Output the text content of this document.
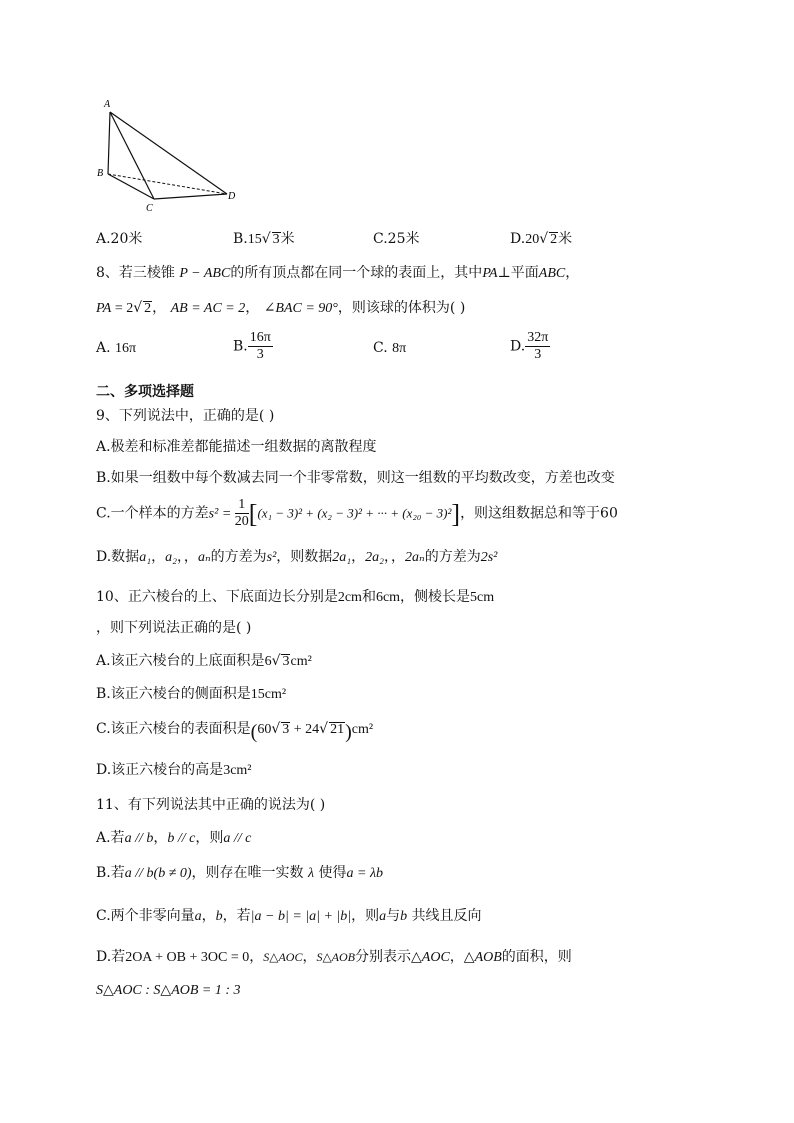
A
B
C
D
A.20米	B.15√ 3米	C.25米	D.20√ 2米
8、若三棱锥 P − ABC的所有顶点都在同一个球的表面上，其中PA⊥平面ABC，
PA = 2√ 2， AB = AC = 2， ∠BAC = 90°，则该球的体积为( )
A. 16π	B. $\frac{16\pi}{3}$	C. 8π	D. $\frac{32\pi}{3}$
二、多项选择题
9、下列说法中，正确的是( )
A.极差和标准差都能描述一组数据的离散程度
B.如果一组数中每个数减去同一个非零常数，则这一组数的平均数改变，方差也改变
C.一个样本的方差$s^2 = \frac{1}{20} [(x_1 - 3)^2 + (x_2 - 3)^2$ + ··· + (x₂₀ − 3)²]，则这组数据总和等于60
D.数据a₁，a₂，，aₙ的方差为s²，则数据2a₁，2a₂，，2aₙ的方差为2s²
10、正六棱台的上、下底面边长分别是2cm和6cm，侧棱长是5cm
，则下列说法正确的是( )
A.该正六棱台的上底面积是6√ 3cm²
B.该正六棱台的侧面积是15cm²
C.该正六棱台的表面积是(60√ 3 + 24√ 21)cm²
D.该正六棱台的高是3cm²
11、有下列说法其中正确的说法为( )
A.若a // b，b // c，则a // c
B.若a // b(b ≠ 0)，则存在唯一实数 λ 使得a = λb
C.两个非零向量a，b，若|a − b| = |a| + |b|，则a与b 共线且反向
D.若2OA + OB + 3OC = 0，S△AOC，S△AOB分别表示△AOC，△AOB的面积，则
S△AOC : S△AOB = 1 : 3
